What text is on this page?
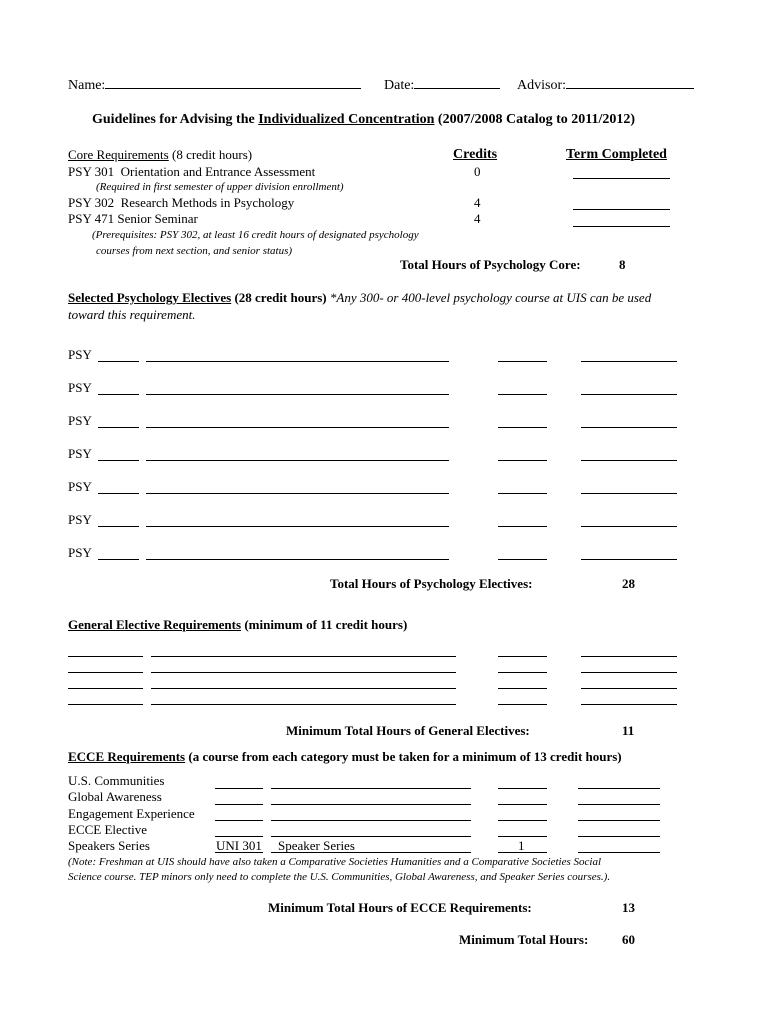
Name:	Date:	Advisor:
Guidelines for Advising the Individualized Concentration (2007/2008 Catalog to 2011/2012)
Core Requirements (8 credit hours)	Credits	Term Completed
PSY 301  Orientation and Entrance Assessment	0
(Required in first semester of upper division enrollment)
PSY 302  Research Methods in Psychology	4
PSY 471 Senior Seminar	4
(Prerequisites: PSY 302, at least 16 credit hours of designated psychology
courses from next section, and senior status)
Total Hours of Psychology Core:	8
Selected Psychology Electives (28 credit hours) *Any 300- or 400-level psychology course at UIS can be used
toward this requirement.
PSY
PSY
PSY
PSY
PSY
PSY
PSY
Total Hours of Psychology Electives:	28
General Elective Requirements (minimum of 11 credit hours)
Minimum Total Hours of General Electives:	11
ECCE Requirements (a course from each category must be taken for a minimum of 13 credit hours)
U.S. Communities
Global Awareness
Engagement Experience
ECCE Elective
Speakers Series	UNI 301 Speaker Series	1
(Note: Freshman at UIS should have also taken a Comparative Societies Humanities and a Comparative Societies Social
Science course. TEP minors only need to complete the U.S. Communities, Global Awareness, and Speaker Series courses.).
Minimum Total Hours of ECCE Requirements:	13
Minimum Total Hours:	60
